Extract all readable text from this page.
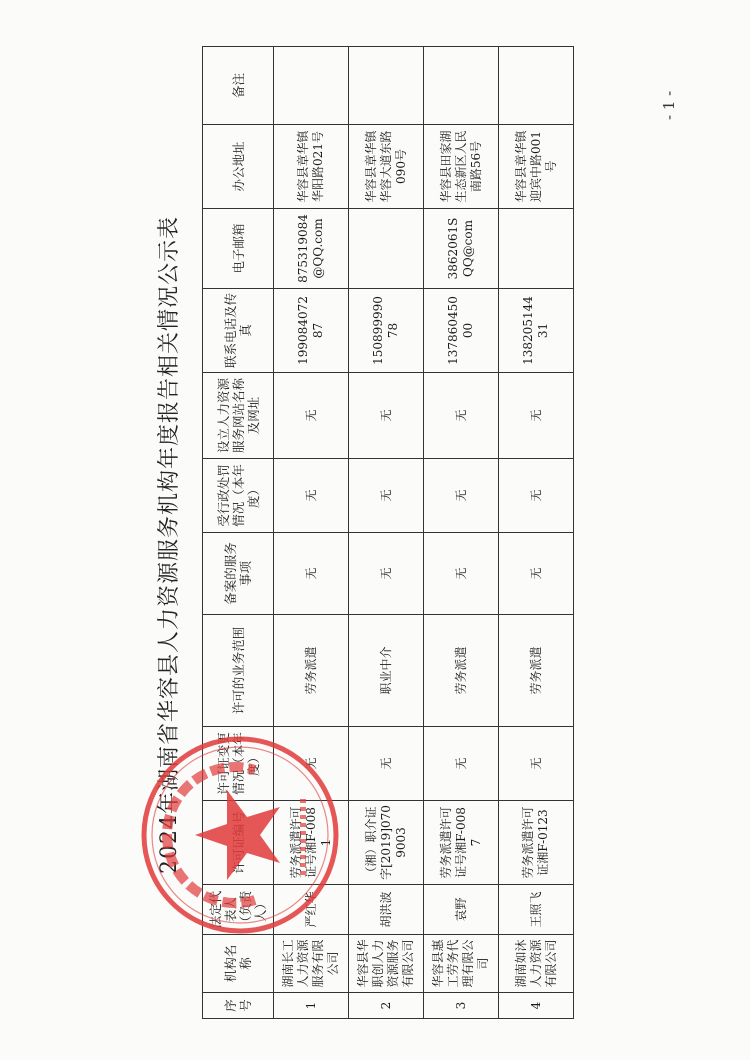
- 1 -
2024年湖南省华容县人力资源服务机构年度报告相关情况公示表
序号	机构名称	法定代表人（负责人）		许可证变更情况（本年度）	许可的业务范围	备案的服务事项	受行政处罚情况（本年度）	设立人力资源服务网站名称及网址	联系电话及传真	电子邮箱	办公地址	备注
1	湖南长工人力资源服务有限公司	严红华	劳务派遣许可证号湘F-0081	无	劳务派遣	无	无	无	19908407287	875319084@QQ.com	华容县章华镇华阳路021号	
2	华容县华职创人力资源服务有限公司	胡洪波	（湘）职介证字[2019]0709003	无	职业中介	无	无	无	15089999078		华容县章华镇华容大道东路090号	
3	华容县惠工劳务代理有限公司	袁野	劳务派遣许可证号湘F-0087	无	劳务派遣	无	无	无	13786045000	3862061SQQ@com	华容县田家湖生态新区人民南路56号	
4	湖南如沐人力资源有限公司	王照飞	劳务派遣许可证湘F-0123	无	劳务派遣	无	无	无	13820514431		华容县章华镇迎宾中路001号	
